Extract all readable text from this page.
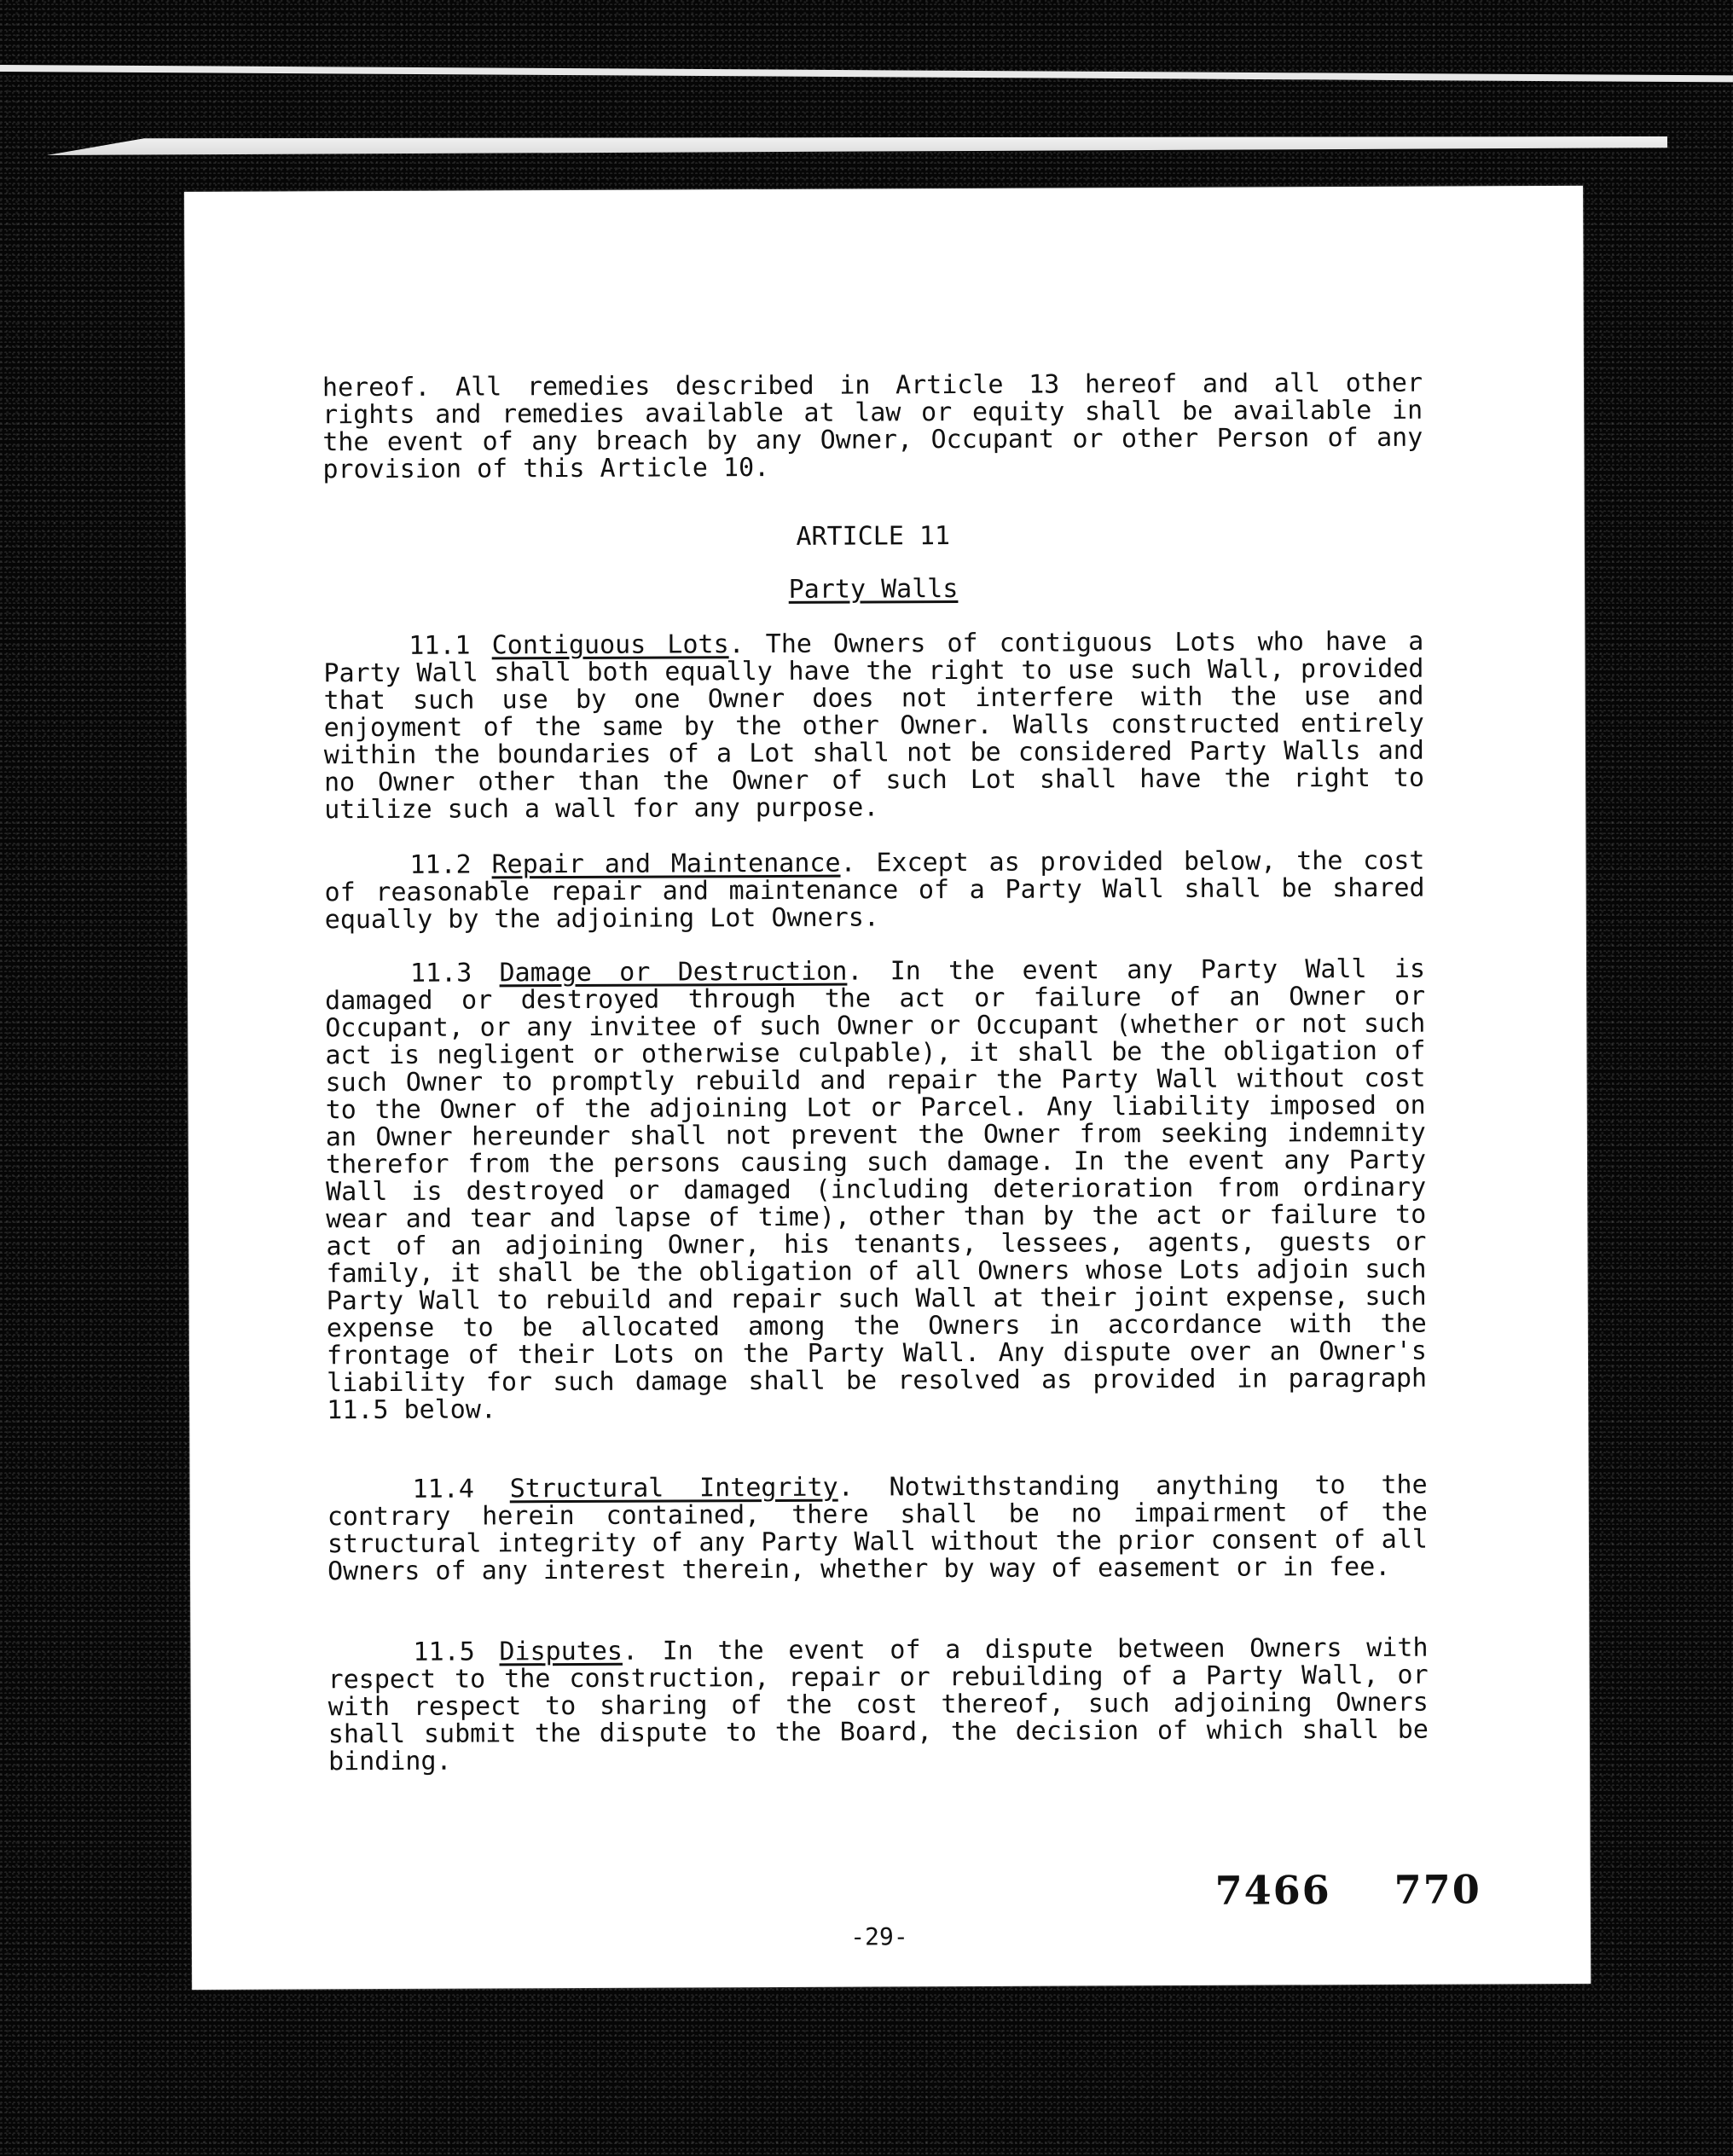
hereof. All remedies described in Article 13 hereof and all other rights and remedies available at law or equity shall be available in the event of any breach by any Owner, Occupant or other Person of any provision of this Article 10.

ARTICLE 11
Party Walls

11.1 Contiguous Lots. The Owners of contiguous Lots who have a Party Wall shall both equally have the right to use such Wall, provided that such use by one Owner does not interfere with the use and enjoyment of the same by the other Owner. Walls constructed entirely within the boundaries of a Lot shall not be considered Party Walls and no Owner other than the Owner of such Lot shall have the right to utilize such a wall for any purpose.

11.2 Repair and Maintenance. Except as provided below, the cost of reasonable repair and maintenance of a Party Wall shall be shared equally by the adjoining Lot Owners.

11.3 Damage or Destruction. In the event any Party Wall is damaged or destroyed through the act or failure of an Owner or Occupant, or any invitee of such Owner or Occupant (whether or not such act is negligent or otherwise culpable), it shall be the obligation of such Owner to promptly rebuild and repair the Party Wall without cost to the Owner of the adjoining Lot or Parcel. Any liability imposed on an Owner hereunder shall not prevent the Owner from seeking indemnity therefor from the persons causing such damage. In the event any Party Wall is destroyed or damaged (including deterioration from ordinary wear and tear and lapse of time), other than by the act or failure to act of an adjoining Owner, his tenants, lessees, agents, guests or family, it shall be the obligation of all Owners whose Lots adjoin such Party Wall to rebuild and repair such Wall at their joint expense, such expense to be allocated among the Owners in accordance with the frontage of their Lots on the Party Wall. Any dispute over an Owner's liability for such damage shall be resolved as provided in paragraph 11.5 below.

11.4 Structural Integrity. Notwithstanding anything to the contrary herein contained, there shall be no impairment of the structural integrity of any Party Wall without the prior consent of all Owners of any interest therein, whether by way of easement or in fee.

11.5 Disputes. In the event of a dispute between Owners with respect to the construction, repair or rebuilding of a Party Wall, or with respect to sharing of the cost thereof, such adjoining Owners shall submit the dispute to the Board, the decision of which shall be binding.

7466 770
-29-
